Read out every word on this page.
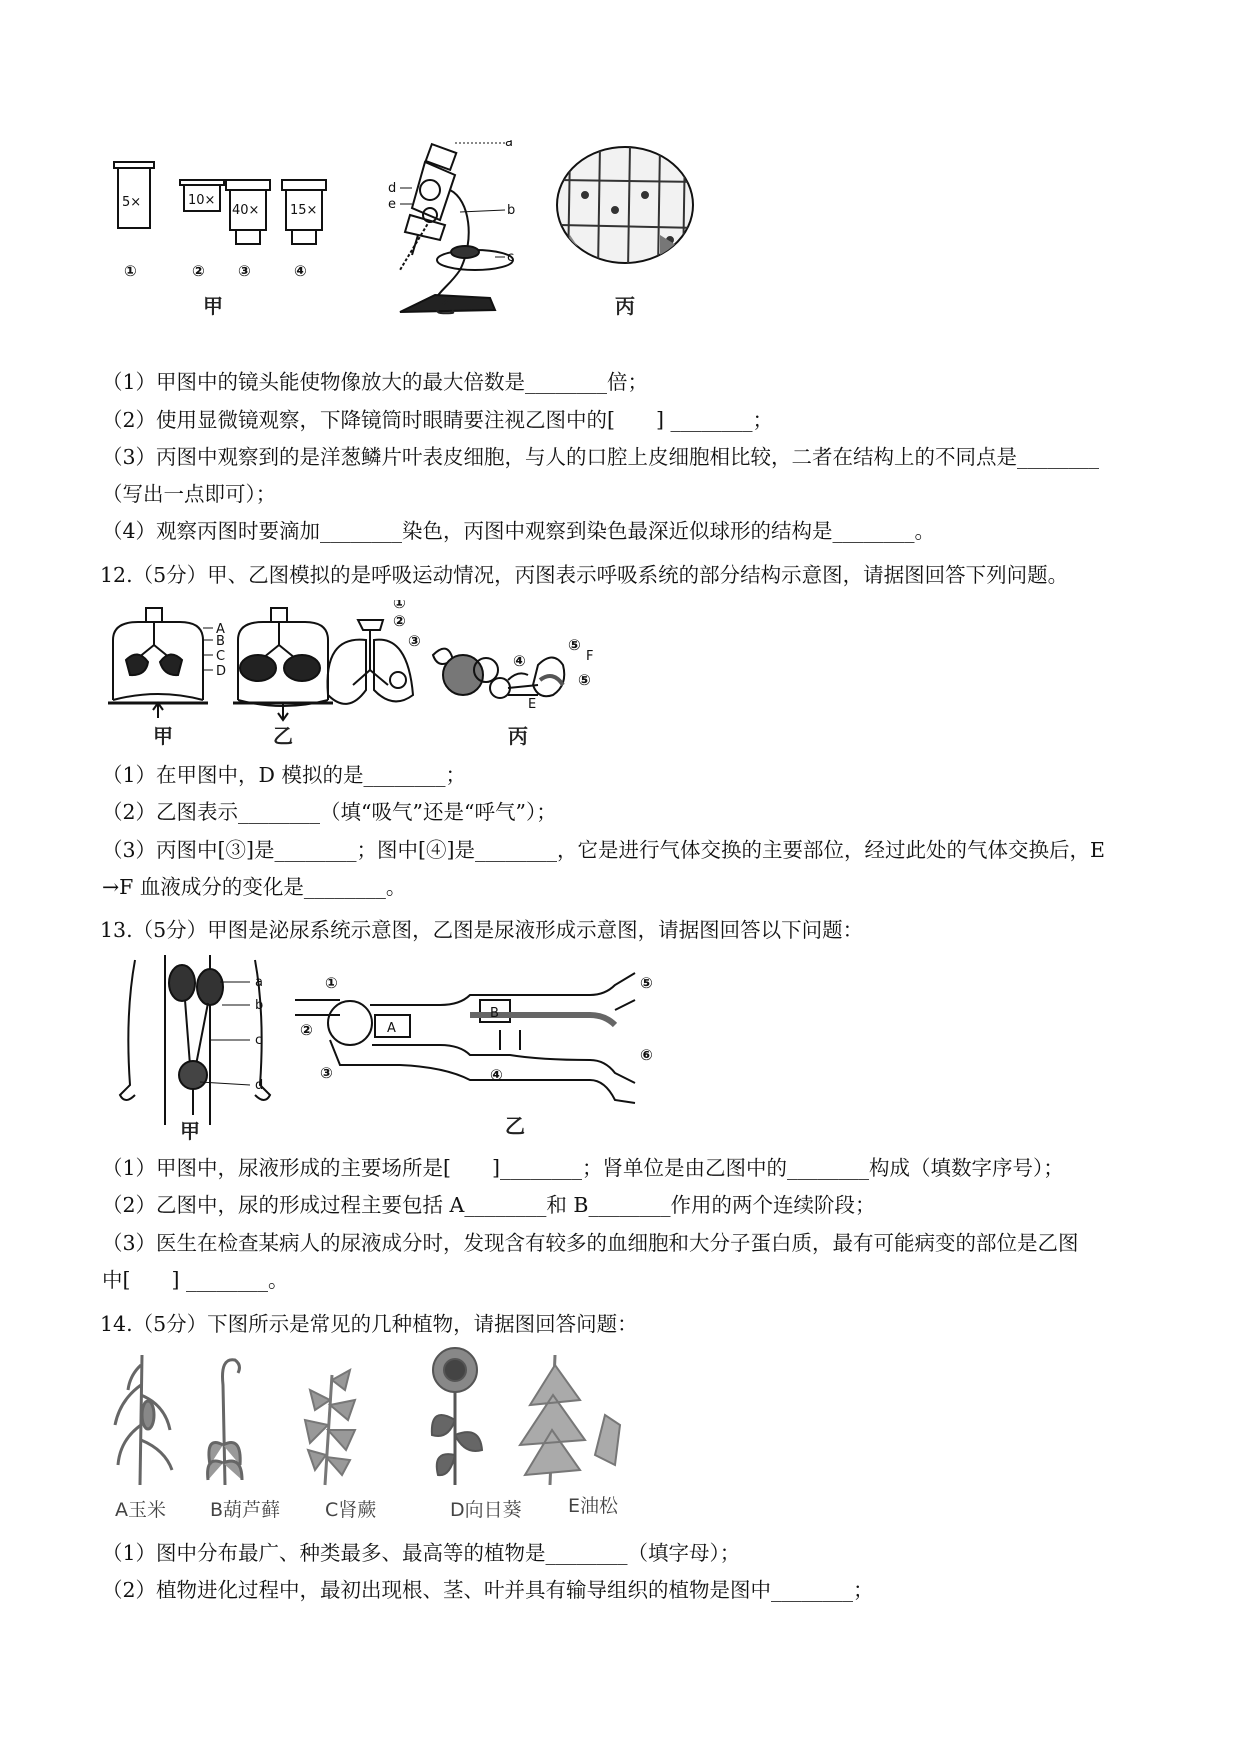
5×
①
10×
②
40×
③
15×
④
a
b
c
d
e
甲	乙	丙
（1）甲图中的镜头能使物像放大的最大倍数是________倍；
（2）使用显微镜观察，下降镜筒时眼睛要注视乙图中的[　　] ________；
（3）丙图中观察到的是洋葱鳞片叶表皮细胞，与人的口腔上皮细胞相比较，二者在结构上的不同点是________
（写出一点即可）；
（4）观察丙图时要滴加________染色，丙图中观察到染色最深近似球形的结构是________。
12.（5分）甲、乙图模拟的是呼吸运动情况，丙图表示呼吸系统的部分结构示意图，请据图回答下列问题。
A
B
C
D
①
②
③
④
⑤
F
⑤
E
甲	乙	丙
（1）在甲图中，D 模拟的是________；
（2）乙图表示________（填“吸气”还是“呼气”）；
（3）丙图中[③]是________；图中[④]是________，它是进行气体交换的主要部位，经过此处的气体交换后，E
→F 血液成分的变化是________。
13.（5分）甲图是泌尿系统示意图，乙图是尿液形成示意图，请据图回答以下问题：
a
b
c
d
①
②
③	④
⑤
⑥
A
B
甲	乙
（1）甲图中，尿液形成的主要场所是[　　]________；肾单位是由乙图中的________构成（填数字序号）；
（2）乙图中，尿的形成过程主要包括 A________和 B________作用的两个连续阶段；
（3）医生在检查某病人的尿液成分时，发现含有较多的血细胞和大分子蛋白质，最有可能病变的部位是乙图
中[　　] ________。
14.（5分）下图所示是常见的几种植物，请据图回答问题：
A玉米 B葫芦藓 C肾蕨	D向日葵 E油松
（1）图中分布最广、种类最多、最高等的植物是________（填字母）；
（2）植物进化过程中，最初出现根、茎、叶并具有输导组织的植物是图中________；
